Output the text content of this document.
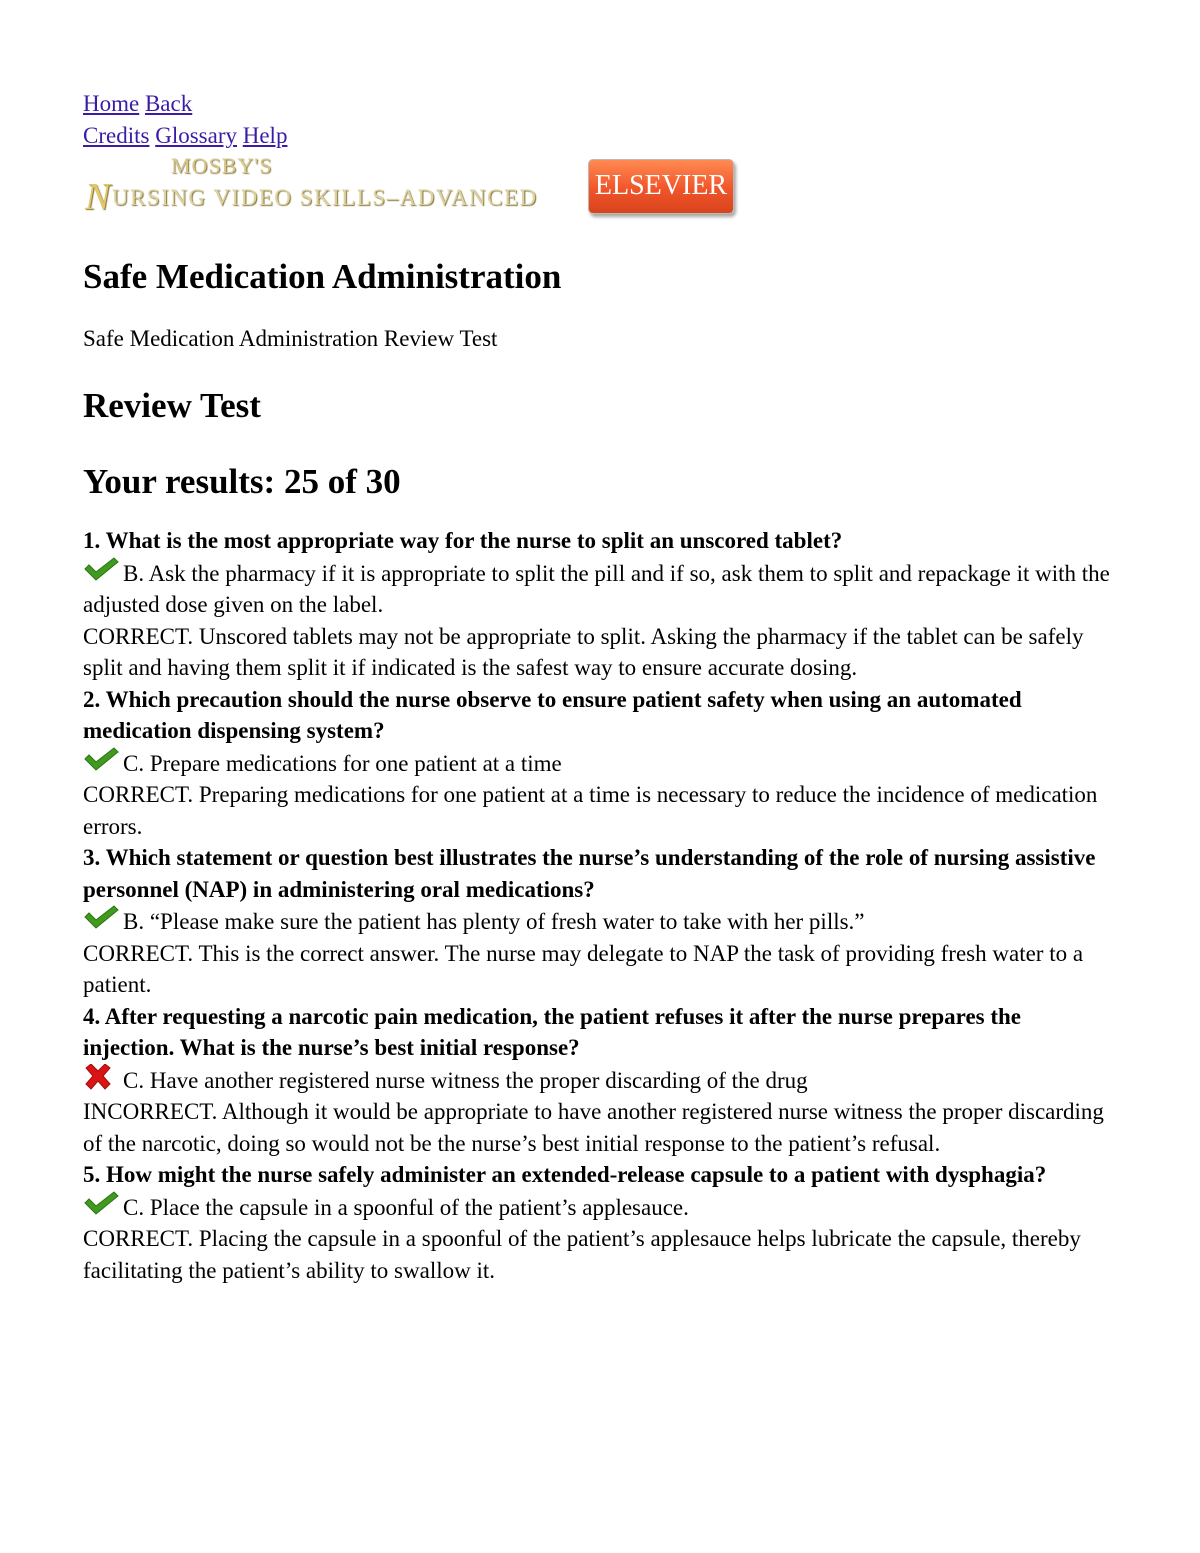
Home Back
Credits Glossary Help
MOSBY'S
NURSING VIDEO SKILLS–ADVANCED ELSEVIER
Safe Medication Administration
Safe Medication Administration Review Test
Review Test
Your results: 25 of 30
1. What is the most appropriate way for the nurse to split an unscored tablet?
B. Ask the pharmacy if it is appropriate to split the pill and if so, ask them to split and repackage it with the adjusted dose given on the label.
CORRECT. Unscored tablets may not be appropriate to split. Asking the pharmacy if the tablet can be safely split and having them split it if indicated is the safest way to ensure accurate dosing.
2. Which precaution should the nurse observe to ensure patient safety when using an automated medication dispensing system?
C. Prepare medications for one patient at a time
CORRECT. Preparing medications for one patient at a time is necessary to reduce the incidence of medication errors.
3. Which statement or question best illustrates the nurse’s understanding of the role of nursing assistive personnel (NAP) in administering oral medications?
B. “Please make sure the patient has plenty of fresh water to take with her pills.”
CORRECT. This is the correct answer. The nurse may delegate to NAP the task of providing fresh water to a patient.
4. After requesting a narcotic pain medication, the patient refuses it after the nurse prepares the injection. What is the nurse’s best initial response?
C. Have another registered nurse witness the proper discarding of the drug
INCORRECT. Although it would be appropriate to have another registered nurse witness the proper discarding of the narcotic, doing so would not be the nurse’s best initial response to the patient’s refusal.
5. How might the nurse safely administer an extended-release capsule to a patient with dysphagia?
C. Place the capsule in a spoonful of the patient’s applesauce.
CORRECT. Placing the capsule in a spoonful of the patient’s applesauce helps lubricate the capsule, thereby facilitating the patient’s ability to swallow it.
